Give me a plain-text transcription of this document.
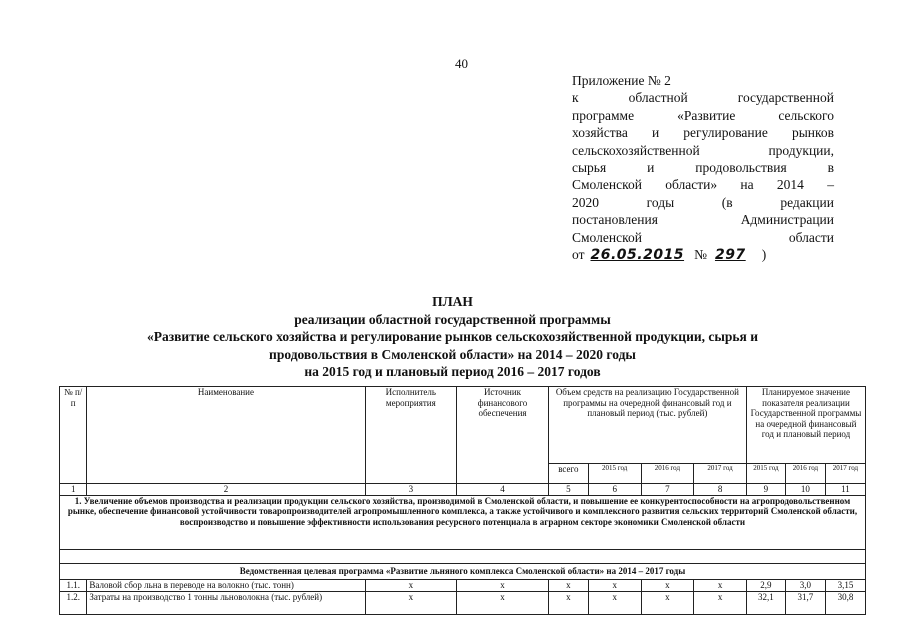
40
Приложение № 2
к	областной	государственной
программе	«Развитие	сельского
хозяйства и регулирование рынков
сельскохозяйственной	продукции,
сырья	и	продовольствия	в
Смоленской области» на 2014 –
2020	годы	(в	редакции
постановления	Администрации
Смоленской	области
от 26.05.2015 № 297 )
ПЛАН
реализации областной государственной программы
«Развитие сельского хозяйства и регулирование рынков сельскохозяйственной продукции, сырья и
продовольствия в Смоленской области» на 2014 – 2020 годы
на 2015 год и плановый период 2016 – 2017 годов
№ п/п	Наименование	Исполнитель мероприятия	Источник финансового обеспечения	Объем средств на реализацию Государственной программы на очередной финансовый год и плановый период (тыс. рублей)				Планируемое значение показателя реализации Государственной программы на очередной финансовый год и плановый период		
				всего	2015 год	2016 год	2017 год	2015 год	2016 год	2017 год
1	2	3	4	5	6	7	8	9	10	11
1. Увеличение объемов производства и реализации продукции сельского хозяйства, производимой в Смоленской области, и повышение ее конкурентоспособности на агропродовольственном рынке, обеспечение финансовой устойчивости товаропроизводителей агропромышленного комплекса, а также устойчивого и комплексного развития сельских территорий Смоленской области, воспроизводство и повышение эффективности использования ресурсного потенциала в аграрном секторе экономики Смоленской области										

Ведомственная целевая программа «Развитие льняного комплекса Смоленской области» на 2014 – 2017 годы										
1.1.	Валовой сбор льна в переводе на волокно (тыс. тонн)	х	х	х	х	х	х	2,9	3,0	3,15
1.2.	Затраты на производство 1 тонны льноволокна (тыс. рублей)	х	х	х	х	х	х	32,1	31,7	30,8
